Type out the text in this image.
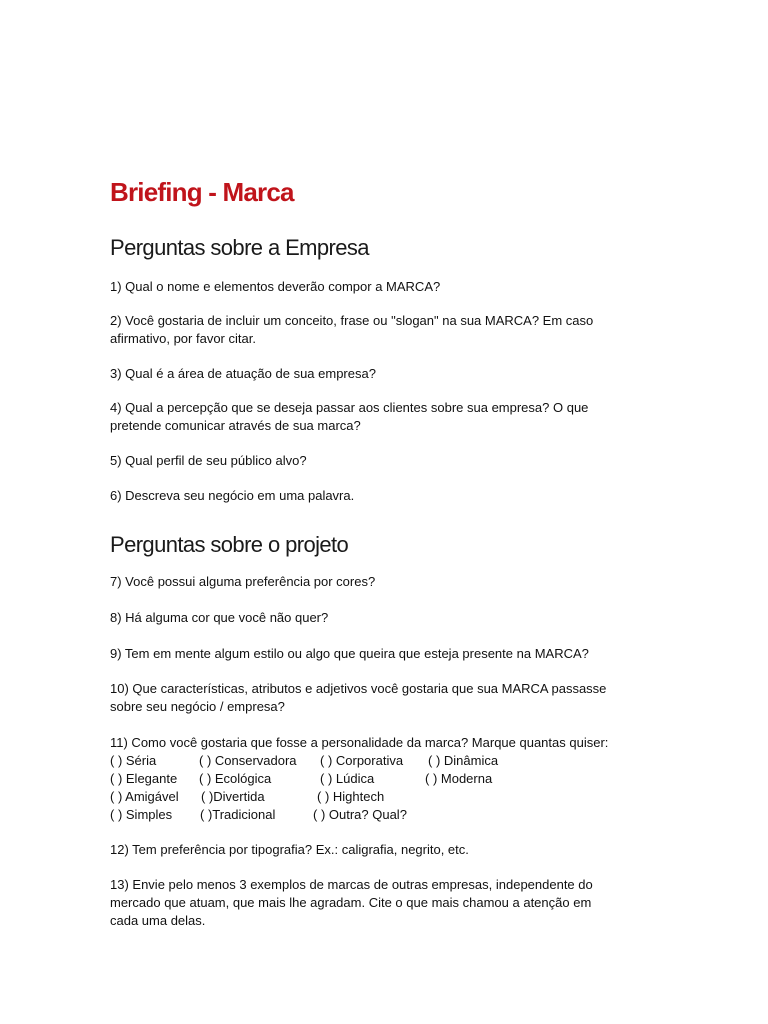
Briefing - Marca
Perguntas sobre a Empresa
1) Qual o nome e elementos deverão compor a MARCA?
2) Você gostaria de incluir um conceito, frase ou "slogan" na sua MARCA? Em caso
afirmativo, por favor citar.
3) Qual é a área de atuação de sua empresa?
4) Qual a percepção que se deseja passar aos clientes sobre sua empresa? O que
pretende comunicar através de sua marca?
5) Qual perfil de seu público alvo?
6) Descreva seu negócio em uma palavra.
Perguntas sobre o projeto
7) Você possui alguma preferência por cores?
8) Há alguma cor que você não quer?
9) Tem em mente algum estilo ou algo que queira que esteja presente na MARCA?
10) Que características, atributos e adjetivos você gostaria que sua MARCA passasse
sobre seu negócio / empresa?
11) Como você gostaria que fosse a personalidade da marca? Marque quantas quiser:
( ) Séria	( ) Conservadora ( ) Corporativa ( ) Dinâmica
( ) Elegante ( ) Ecológica	( ) Lúdica	( ) Moderna
( ) Amigável ( )Divertida	( ) Hightech
( ) Simples ( )Tradicional	( ) Outra? Qual?
12) Tem preferência por tipografia? Ex.: caligrafia, negrito, etc.
13) Envie pelo menos 3 exemplos de marcas de outras empresas, independente do
mercado que atuam, que mais lhe agradam. Cite o que mais chamou a atenção em
cada uma delas.
